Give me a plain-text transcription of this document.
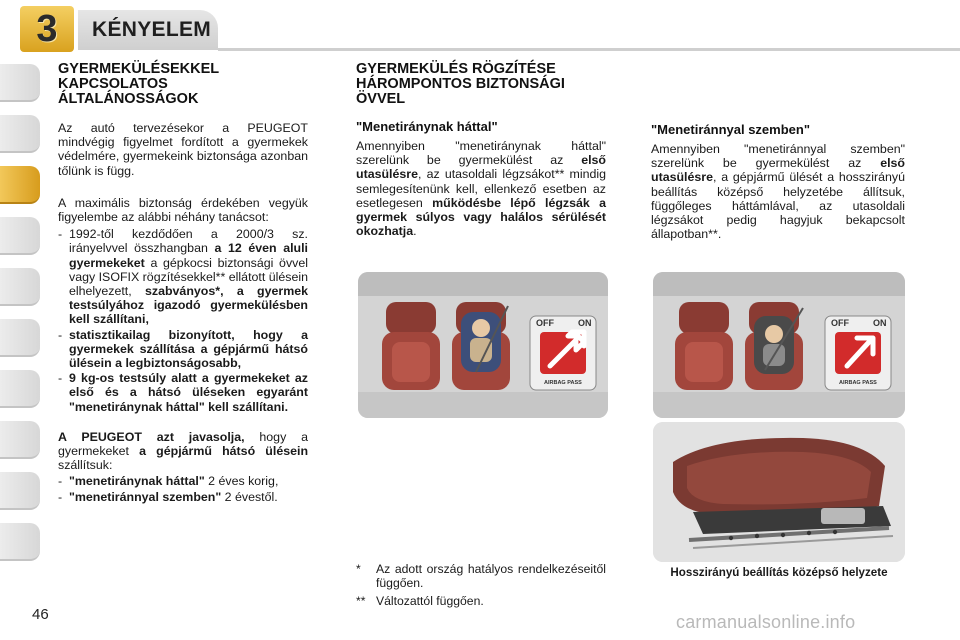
3	KÉNYELEM
GYERMEKÜLÉSEKKEL KAPCSOLATOS ÁLTALÁNOSSÁGOK

Az autó tervezésekor a PEUGEOT mindvégig figyelmet fordított a gyermekek védelmére, gyermekeink biztonsága azonban tőlünk is függ.

A maximális biztonság érdekében vegyük figyelembe az alábbi néhány tanácsot:

- 1992-től kezdődően a 2000/3 sz. irányelvvel összhangban a 12 éven aluli gyermekeket a gépkocsi biztonsági övvel vagy ISOFIX rögzítésekkel** ellátott ülésein elhelyezett, szabványos*, a gyermek testsúlyához igazodó gyermekülésben kell szállítani,
- statisztikailag bizonyított, hogy a gyermekek szállítása a gépjármű hátsó ülésein a legbiztonságosabb,
- 9 kg-os testsúly alatt a gyermekeket az első és a hátsó üléseken egyaránt "menetiránynak háttal" kell szállítani.

A PEUGEOT azt javasolja, hogy a gyermekeket a gépjármű hátsó ülésein szállítsuk:

- "menetiránynak háttal" 2 éves korig,
- "menetiránnyal szemben" 2 évestől.
GYERMEKÜLÉS RÖGZÍTÉSE HÁROMPONTOS BIZTONSÁGI ÖVVEL
"Menetiránynak háttal"

Amennyiben "menetiránynak háttal" szerelünk be gyermekülést az első utasülésre, az utasoldali légzsákot** mindig semlegesítenünk kell, ellenkező esetben az esetlegesen működésbe lépő légzsák a gyermek súlyos vagy halálos sérülését okozhatja.

"Menetiránnyal szemben"

Amennyiben "menetiránnyal szemben" szerelünk be gyermekülést az első utasülésre, a gépjármű ülését a hosszirányú beállítás középső helyzetébe állítsuk, függőleges háttámlával, az utasoldali légzsákot pedig hagyjuk bekapcsolt állapotban**.

OFF	ON
AIRBAG PASS
OFF	ON
AIRBAG PASS
Hosszirányú beállítás középső helyzete
*	Az adott ország hatályos rendelkezéseitől függően.
** Változattól függően.
46	carmanualsonline.info
